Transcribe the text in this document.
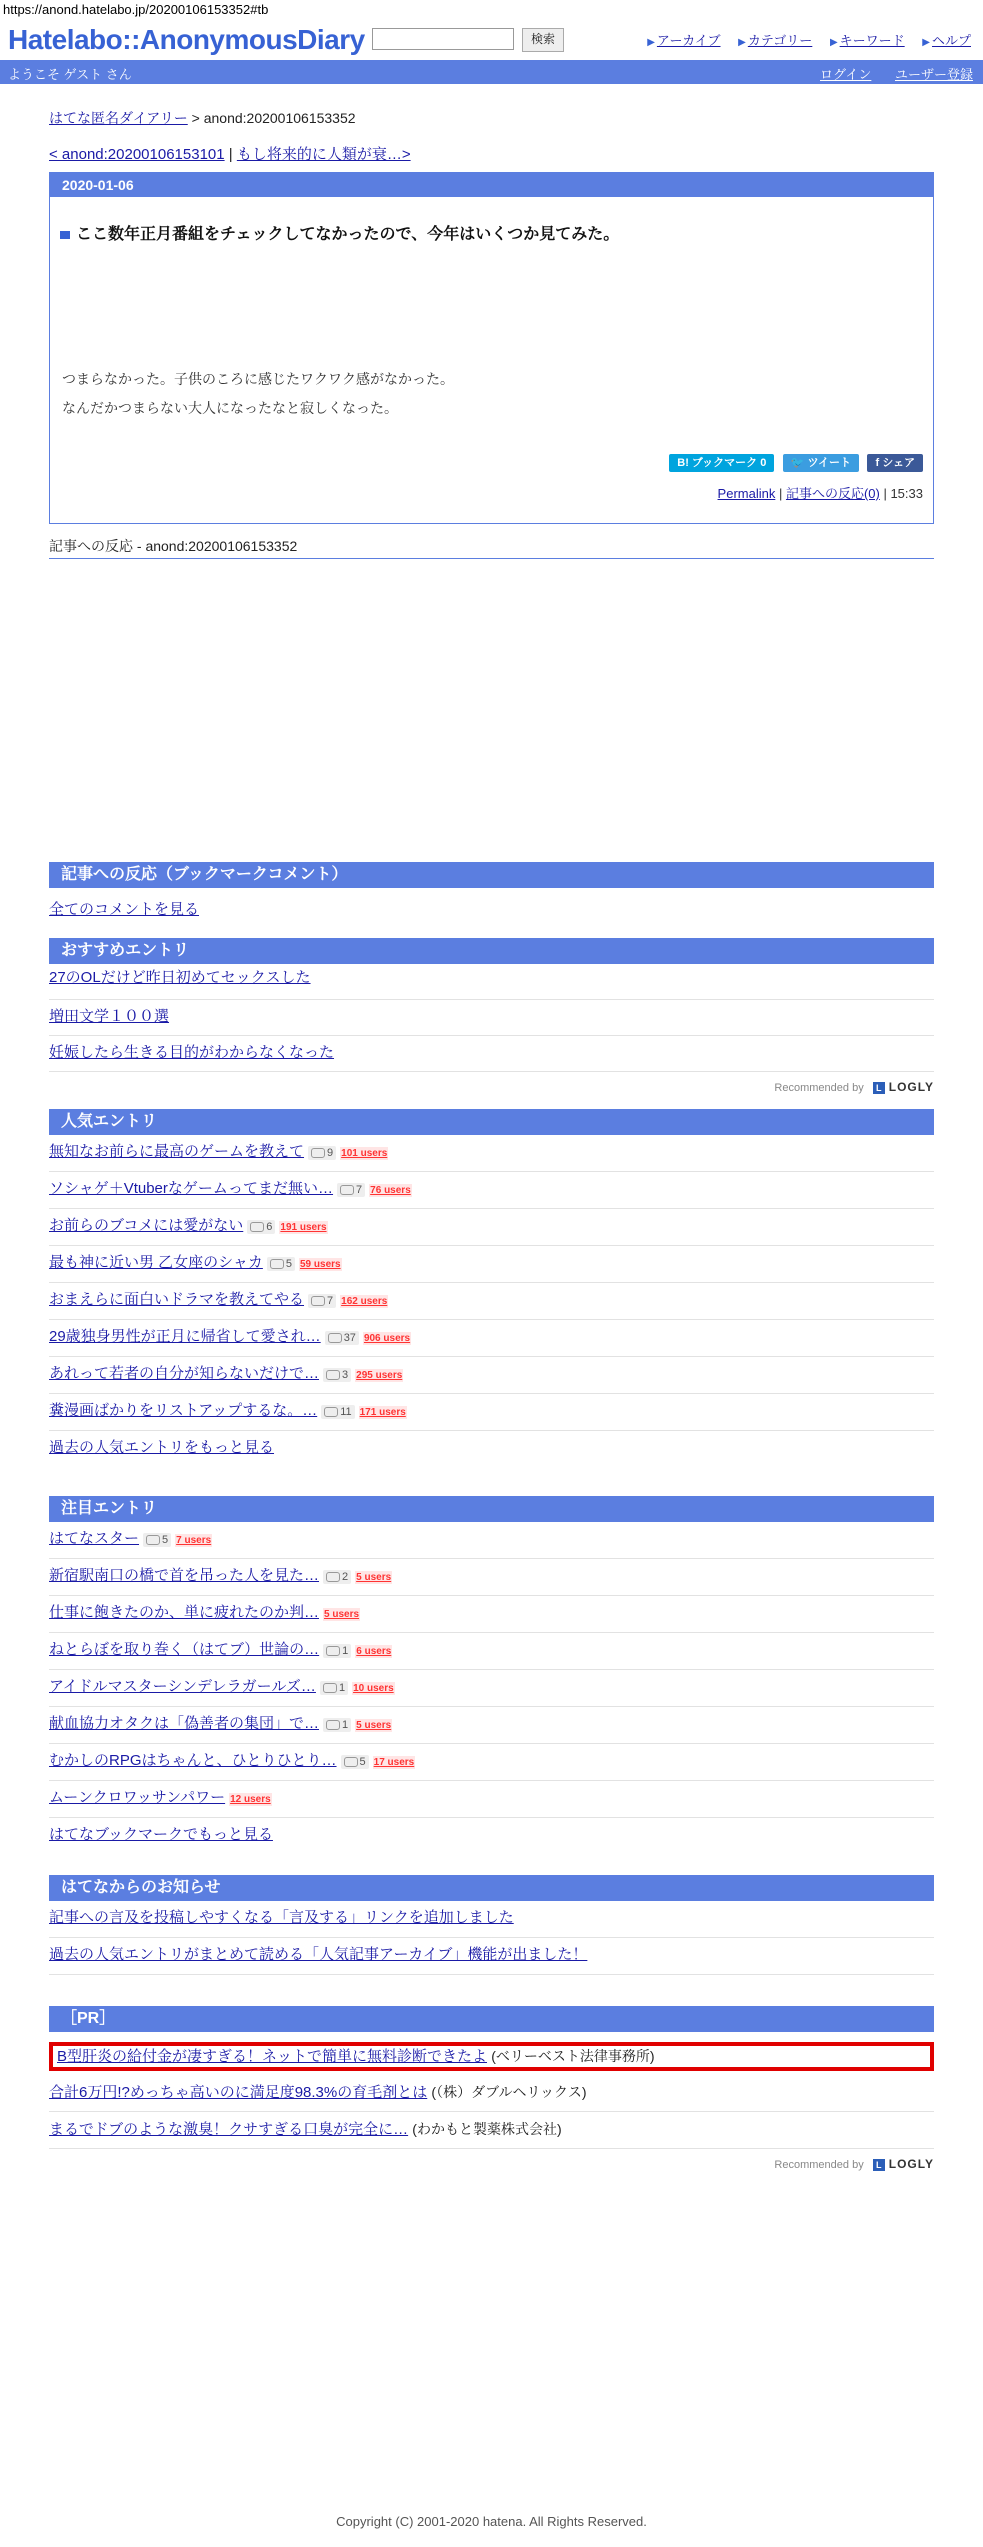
https://anond.hatelabo.jp/20200106153352#tb
Hatelabo::AnonymousDiary	検索	▶ アーカイブ ▶ カテゴリー ▶ キーワード ▶ ヘルプ
ようこそ ゲスト さん	ログイン ユーザー登録
はてな匿名ダイアリー > anond:20200106153352
< anond:20200106153101 | もし将来的に人類が衰…>
2020-01-06
ここ数年正月番組をチェックしてなかったので、今年はいくつか見てみた。

つまらなかった。子供のころに感じたワクワク感がなかった。

なんだかつまらない大人になったなと寂しくなった。

B! ブックマーク 0 🐦 ツイート f シェア
Permalink | 記事への反応(0) | 15:33
記事への反応 - anond:20200106153352
記事への反応（ブックマークコメント）
全てのコメントを見る
おすすめエントリ
27のOLだけど昨日初めてセックスした
増田文学１００選
妊娠したら生きる目的がわからなくなった
Recommended by L LOGLY
人気エントリ
無知なお前らに最高のゲームを教えて 9 101 users
ソシャゲ＋Vtuberなゲームってまだ無い… 7 76 users
お前らのブコメには愛がない 6 191 users
最も神に近い男 乙女座のシャカ 5 59 users
おまえらに面白いドラマを教えてやる 7 162 users
29歳独身男性が正月に帰省して愛され… 37 906 users
あれって若者の自分が知らないだけで… 3 295 users
糞漫画ばかりをリストアップするな。… 11 171 users
過去の人気エントリをもっと見る
注目エントリ
はてなスター 5 7 users
新宿駅南口の橋で首を吊った人を見た… 2 5 users
仕事に飽きたのか、単に疲れたのか判… 5 users
ねとらぼを取り巻く（はてブ）世論の… 1 6 users
アイドルマスターシンデレラガールズ… 1 10 users
献血協力オタクは「偽善者の集団」で… 1 5 users
むかしのRPGはちゃんと、ひとりひとり… 5 17 users
ムーンクロワッサンパワー 12 users
はてなブックマークでもっと見る
はてなからのお知らせ
記事への言及を投稿しやすくなる「言及する」リンクを追加しました
過去の人気エントリがまとめて読める「人気記事アーカイブ」機能が出ました！
［PR］
B型肝炎の給付金が凄すぎる！ネットで簡単に無料診断できたよ (ベリーベスト法律事務所)
合計6万円!?めっちゃ高いのに満足度98.3%の育毛剤とは (（株）ダブルヘリックス)
まるでドブのような激臭！クサすぎる口臭が完全に… (わかもと製薬株式会社)
Recommended by L LOGLY
Copyright (C) 2001-2020 hatena. All Rights Reserved.
